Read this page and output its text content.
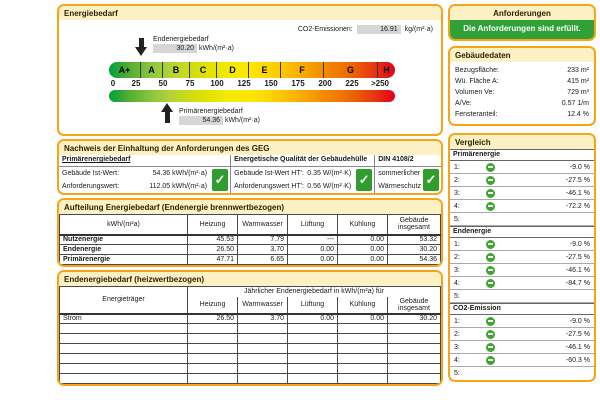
Energiebedarf
CO2-Emissionen:	16.91 kg/(m²·a)
Endenergiebedarf
30.20 kWh/(m²·a)
A+	A	B	C	D	E	F	G	H
0 25 50 75 100 125 150 175 200 225 >250
Primärenergiebedarf
54.36 kWh/(m²·a)
Nachweis der Einhaltung der Anforderungen des GEG
Primärenergiebedarf
Gebäude Ist-Wert:	54.36 kWh/(m²·a)
Anforderungswert:	112.05 kWh/(m²·a) ✓
Energetische Qualität der Gebäudehülle
Gebäude Ist-Wert HT': 0.35 W/(m²·K)
Anforderungswert HT': 0.56 W/(m²·K) ✓
DIN 4108/2
sommerlicher
Wärmeschutz ✓
Aufteilung Energiebedarf (Endenergie brennwertbezogen)
kWh/(m²a)	Heizung	Warmwasser	Lüftung	Kühlung	Gebäude insgesamt
Nutzenergie	45.53	7.79	---	0.00	53.32
Endenergie	26.50	3.70	0.00	0.00	30.20
Primärenergie	47.71	6.65	0.00	0.00	54.36
Endenergiebedarf (heizwertbezogen)
Energieträger	Jährlicher Endenergiebedarf in kWh/(m²a) für				
	Heizung	Warmwasser	Lüftung	Kühlung	Gebäude insgesamt
Strom	26.50	3.70	0.00	0.00	30.20

Anforderungen
Die Anforderungen sind erfüllt.
Gebäudedaten
Bezugsfläche:	233 m²
Wü. Fläche A:	415 m²
Volumen Ve:	729 m³
A/Ve:	0.57 1/m
Fensteranteil:	12.4 %
Vergleich
Primärenergie
1:	-9.0 %
2:	-27.5 %
3:	-46.1 %
4:	-72.2 %
5:
Endenergie
1:	-9.0 %
2:	-27.5 %
3:	-46.1 %
4:	-84.7 %
5:
CO2-Emission
1:	-9.0 %
2:	-27.5 %
3:	-46.1 %
4:	-60.3 %
5:
